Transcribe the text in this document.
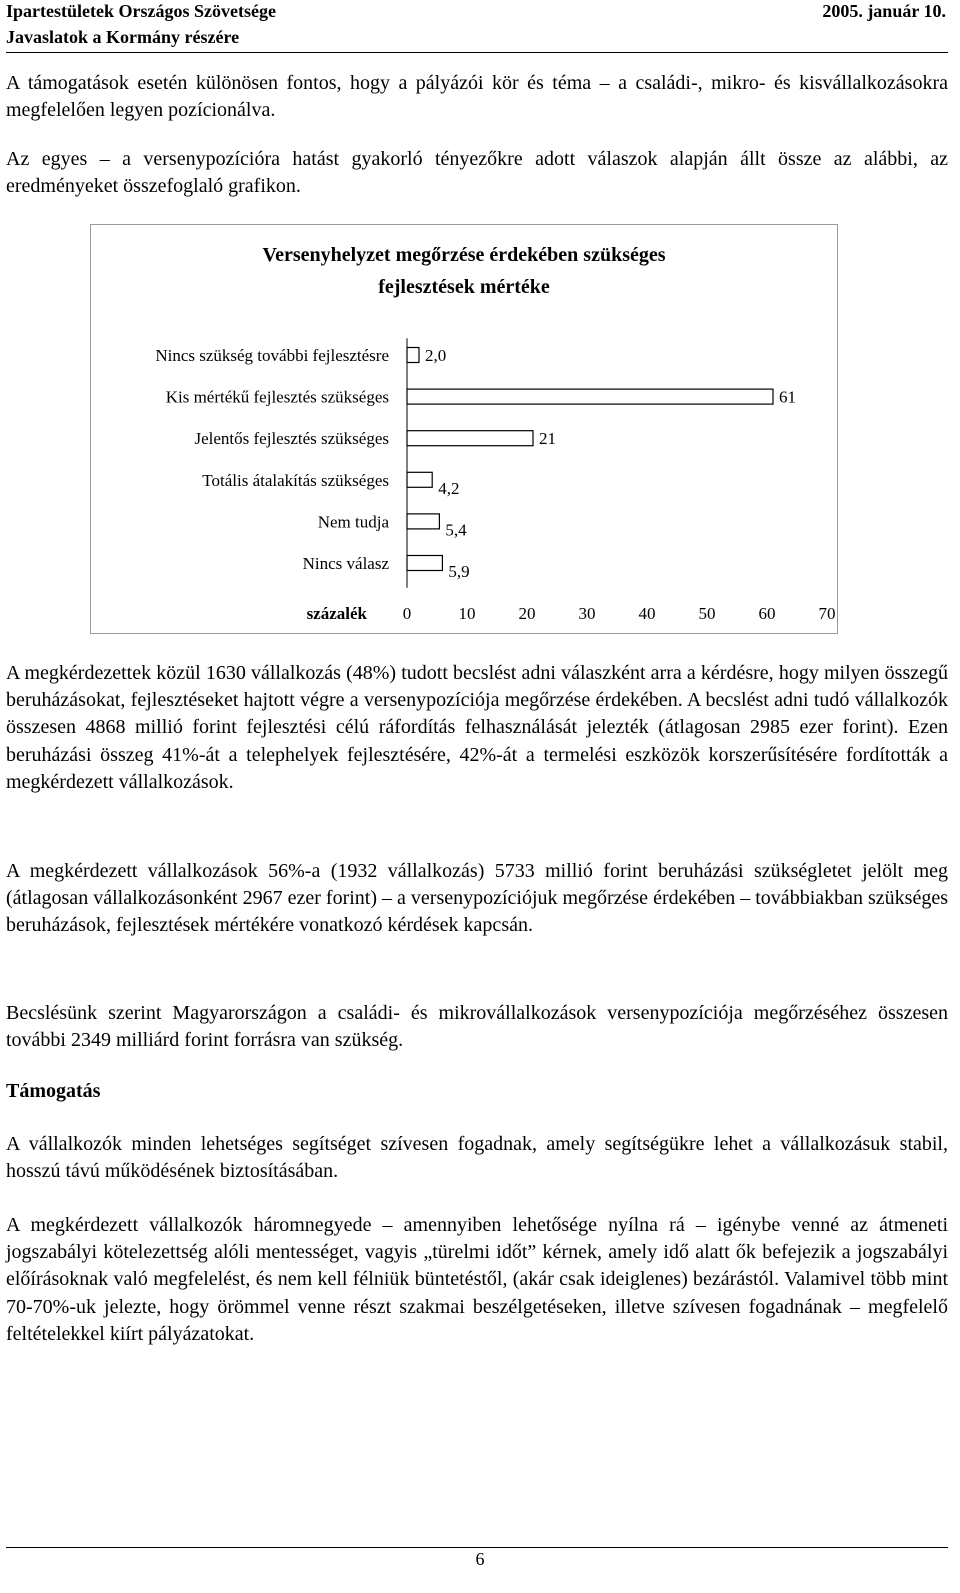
Ipartestületek Országos Szövetsége
Javaslatok a Kormány részére
2005. január 10.
A támogatások esetén különösen fontos, hogy a pályázói kör és téma – a családi-, mikro- és kisvállalkozásokra megfelelően legyen pozícionálva.
Az egyes – a versenypozícióra hatást gyakorló tényezőkre adott válaszok alapján állt össze az alábbi, az eredményeket összefoglaló grafikon.
Versenyhelyzet megőrzése érdekében szükséges
fejlesztések mértéke
Nincs szükség további fejlesztésre 2,0
Kis mértékű fejlesztés szükséges	61
Jelentős fejlesztés szükséges	21
Totális átalakítás szükséges	4,2
Nem tudja	5,4
Nincs válasz	5,9
0	10	20	30	40	50	60	70
százalék
A megkérdezettek közül 1630 vállalkozás (48%) tudott becslést adni válaszként arra a kérdésre, hogy milyen összegű beruházásokat, fejlesztéseket hajtott végre a versenypozíciója megőrzése érdekében. A becslést adni tudó vállalkozók összesen 4868 millió forint fejlesztési célú ráfordítás felhasználását jelezték (átlagosan 2985 ezer forint). Ezen beruházási összeg 41%-át a telephelyek fejlesztésére, 42%-át a termelési eszközök korszerűsítésére fordították a megkérdezett vállalkozások.
A megkérdezett vállalkozások 56%-a (1932 vállalkozás) 5733 millió forint beruházási szükségletet jelölt meg (átlagosan vállalkozásonként 2967 ezer forint) – a versenypozíciójuk megőrzése érdekében – továbbiakban szükséges beruházások, fejlesztések mértékére vonatkozó kérdések kapcsán.
Becslésünk szerint Magyarországon a családi- és mikrovállalkozások versenypozíciója megőrzéséhez összesen további 2349 milliárd forint forrásra van szükség.
Támogatás
A vállalkozók minden lehetséges segítséget szívesen fogadnak, amely segítségükre lehet a vállalkozásuk stabil, hosszú távú működésének biztosításában.
A megkérdezett vállalkozók háromnegyede – amennyiben lehetősége nyílna rá – igénybe venné az átmeneti jogszabályi kötelezettség alóli mentességet, vagyis „türelmi időt” kérnek, amely idő alatt ők befejezik a jogszabályi előírásoknak való megfelelést, és nem kell félniük büntetéstől, (akár csak ideiglenes) bezárástól. Valamivel több mint 70-70%-uk jelezte, hogy örömmel venne részt szakmai beszélgetéseken, illetve szívesen fogadnának – megfelelő feltételekkel kiírt pályázatokat.
6
